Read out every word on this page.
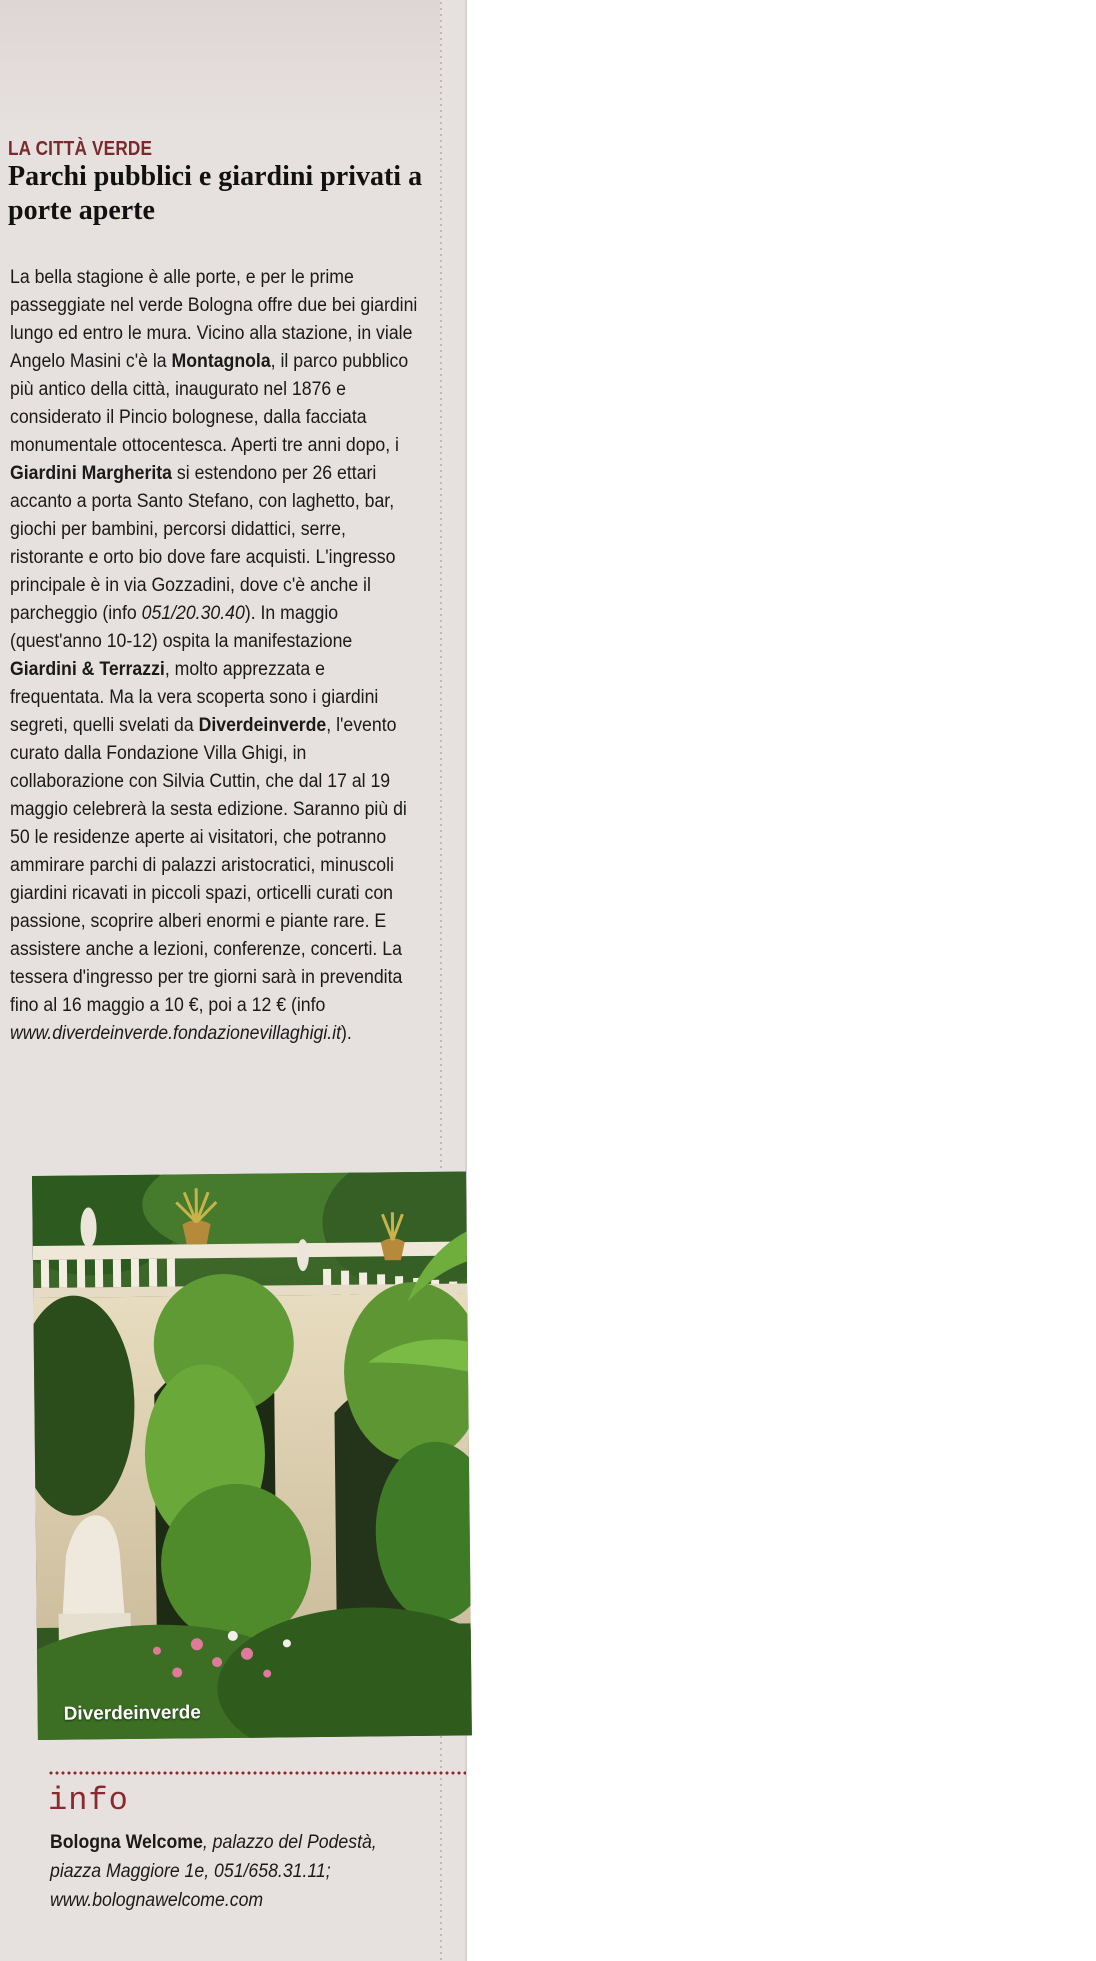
LA CITTÀ VERDE
Parchi pubblici e giardini privati a porte aperte
La bella stagione è alle porte, e per le prime passeggiate nel verde Bologna offre due bei giardini lungo ed entro le mura. Vicino alla stazione, in viale Angelo Masini c'è la Montagnola, il parco pubblico più antico della città, inaugurato nel 1876 e considerato il Pincio bolognese, dalla facciata monumentale ottocentesca. Aperti tre anni dopo, i Giardini Margherita si estendono per 26 ettari accanto a porta Santo Stefano, con laghetto, bar, giochi per bambini, percorsi didattici, serre, ristorante e orto bio dove fare acquisti. L'ingresso principale è in via Gozzadini, dove c'è anche il parcheggio (info 051/20.30.40). In maggio (quest'anno 10-12) ospita la manifestazione Giardini & Terrazzi, molto apprezzata e frequentata. Ma la vera scoperta sono i giardini segreti, quelli svelati da Diverdeinverde, l'evento curato dalla Fondazione Villa Ghigi, in collaborazione con Silvia Cuttin, che dal 17 al 19 maggio celebrerà la sesta edizione. Saranno più di 50 le residenze aperte ai visitatori, che potranno ammirare parchi di palazzi aristocratici, minuscoli giardini ricavati in piccoli spazi, orticelli curati con passione, scoprire alberi enormi e piante rare. E assistere anche a lezioni, conferenze, concerti. La tessera d'ingresso per tre giorni sarà in prevendita fino al 16 maggio a 10 €, poi a 12 € (info www.diverdeinverde.fondazionevillaghigi.it).
Diverdeinverde
info
Bologna Welcome, palazzo del Podestà, piazza Maggiore 1e, 051/658.31.11; www.bolognawelcome.com
